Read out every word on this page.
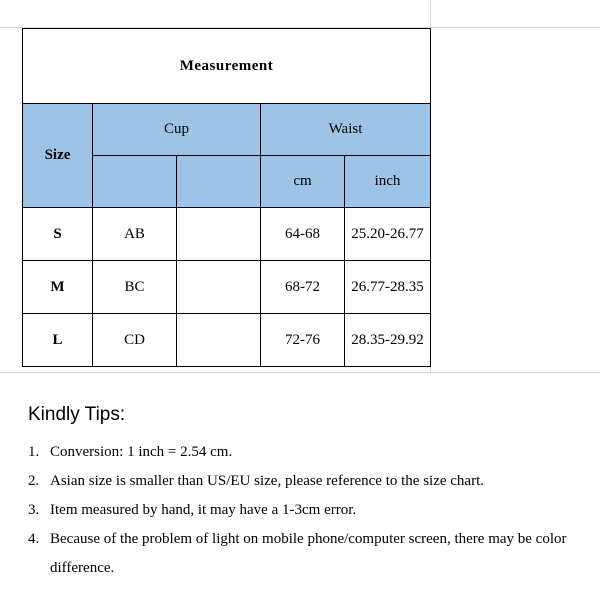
Measurement				
Size	Cup		Waist	
			cm	inch
S	AB		64-68	25.20-26.77
M	BC		68-72	26.77-28.35
L	CD		72-76	28.35-29.92
Kindly Tips:
1. Conversion: 1 inch = 2.54 cm.
2. Asian size is smaller than US/EU size, please reference to the size chart.
3. Item measured by hand, it may have a 1-3cm error.
4. Because of the problem of light on mobile phone/computer screen, there may be color difference.
